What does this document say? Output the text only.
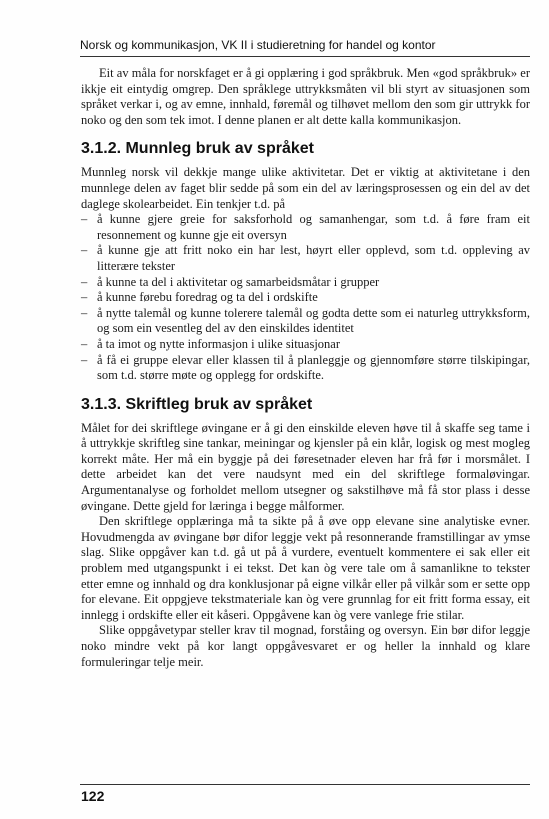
Norsk og kommunikasjon, VK II i studieretning for handel og kontor

Eit av måla for norskfaget er å gi opplæring i god språkbruk. Men «god språkbruk» er ikkje eit eintydig omgrep. Den språklege uttrykksmåten vil bli styrt av situasjonen som språket verkar i, og av emne, innhald, føremål og tilhøvet mellom den som gir uttrykk for noko og den som tek imot. I denne planen er alt dette kalla kommunikasjon.

3.1.2. Munnleg bruk av språket

Munnleg norsk vil dekkje mange ulike aktivitetar. Det er viktig at aktivitetane i den munnlege delen av faget blir sedde på som ein del av læringsprosessen og ein del av det daglege skolearbeidet. Ein tenkjer t.d. på

– å kunne gjere greie for saksforhold og samanhengar, som t.d. å føre fram eit resonnement og kunne gje eit oversyn
– å kunne gje att fritt noko ein har lest, høyrt eller opplevd, som t.d. oppleving av litterære tekster
– å kunne ta del i aktivitetar og samarbeidsmåtar i grupper
– å kunne førebu foredrag og ta del i ordskifte
– å nytte talemål og kunne tolerere talemål og godta dette som ei naturleg uttrykksform, og som ein vesentleg del av den einskildes identitet
– å ta imot og nytte informasjon i ulike situasjonar
– å få ei gruppe elevar eller klassen til å planleggje og gjennomføre større tilskipingar, som t.d. større møte og opplegg for ordskifte.
3.1.3. Skriftleg bruk av språket

Målet for dei skriftlege øvingane er å gi den einskilde eleven høve til å skaffe seg tame i å uttrykkje skriftleg sine tankar, meiningar og kjensler på ein klår, logisk og mest mogleg korrekt måte. Her må ein byggje på dei føresetnader eleven har frå før i morsmålet. I dette arbeidet kan det vere naudsynt med ein del skriftlege formaløvingar. Argumentanalyse og forholdet mellom utsegner og sakstilhøve må få stor plass i desse øvingane. Dette gjeld for læringa i begge målformer.

Den skriftlege opplæringa må ta sikte på å øve opp elevane sine analytiske evner. Hovudmengda av øvingane bør difor leggje vekt på resonnerande framstillingar av ymse slag. Slike oppgåver kan t.d. gå ut på å vurdere, eventuelt kommentere ei sak eller eit problem med utgangspunkt i ei tekst. Det kan òg vere tale om å samanlikne to tekster etter emne og innhald og dra konklusjonar på eigne vilkår eller på vilkår som er sette opp for elevane. Eit oppgjeve tekstmateriale kan òg vere grunnlag for eit fritt forma essay, eit innlegg i ordskifte eller eit kåseri. Oppgåvene kan òg vere vanlege frie stilar.

Slike oppgåvetypar steller krav til mognad, forståing og oversyn. Ein bør difor leggje noko mindre vekt på kor langt oppgåvesvaret er og heller la innhald og klare formuleringar telje meir.

122
